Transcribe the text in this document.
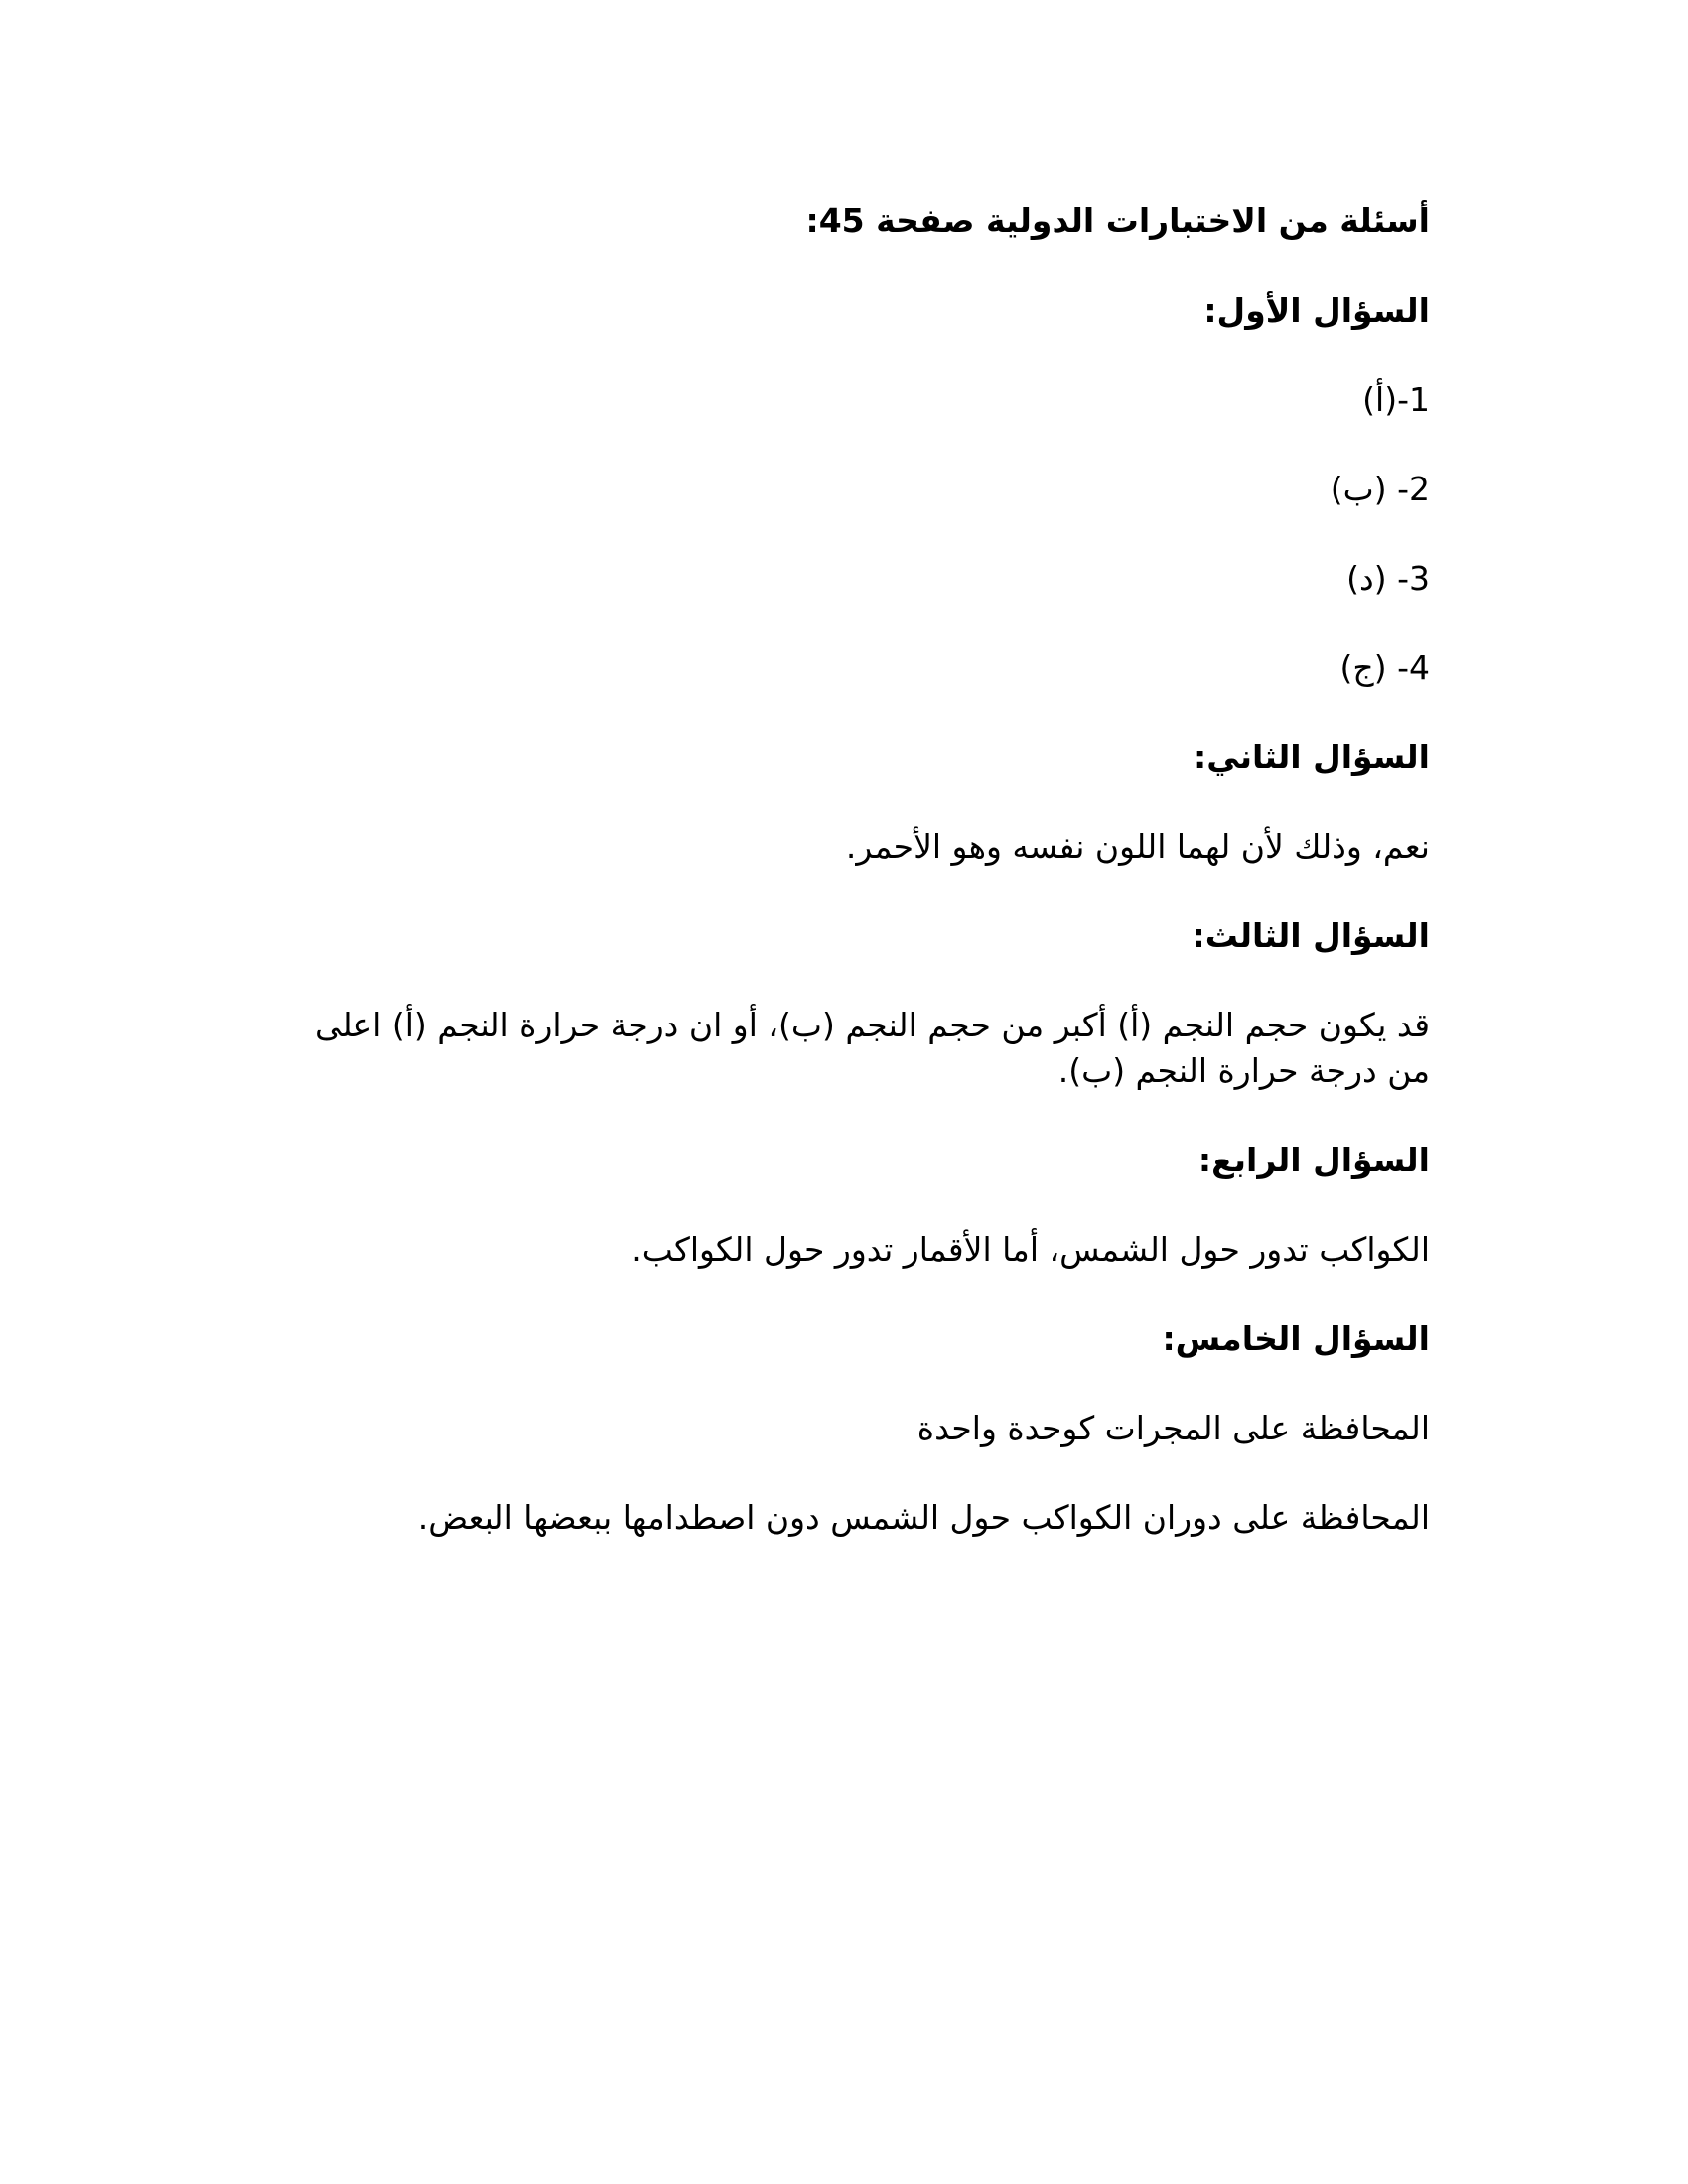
أسئلة من الاختبارات الدولية صفحة 45:
السؤال الأول:
1-(أ)
2- (ب)
3- (د)
4- (ج)
السؤال الثاني:
نعم، وذلك لأن لهما اللون نفسه وهو الأحمر.
السؤال الثالث:
قد يكون حجم النجم (أ) أكبر من حجم النجم (ب)، أو ان درجة حرارة النجم (أ) اعلى
من درجة حرارة النجم (ب).
السؤال الرابع:
الكواكب تدور حول الشمس، أما الأقمار تدور حول الكواكب.
السؤال الخامس:
المحافظة على المجرات كوحدة واحدة
المحافظة على دوران الكواكب حول الشمس دون اصطدامها ببعضها البعض.
